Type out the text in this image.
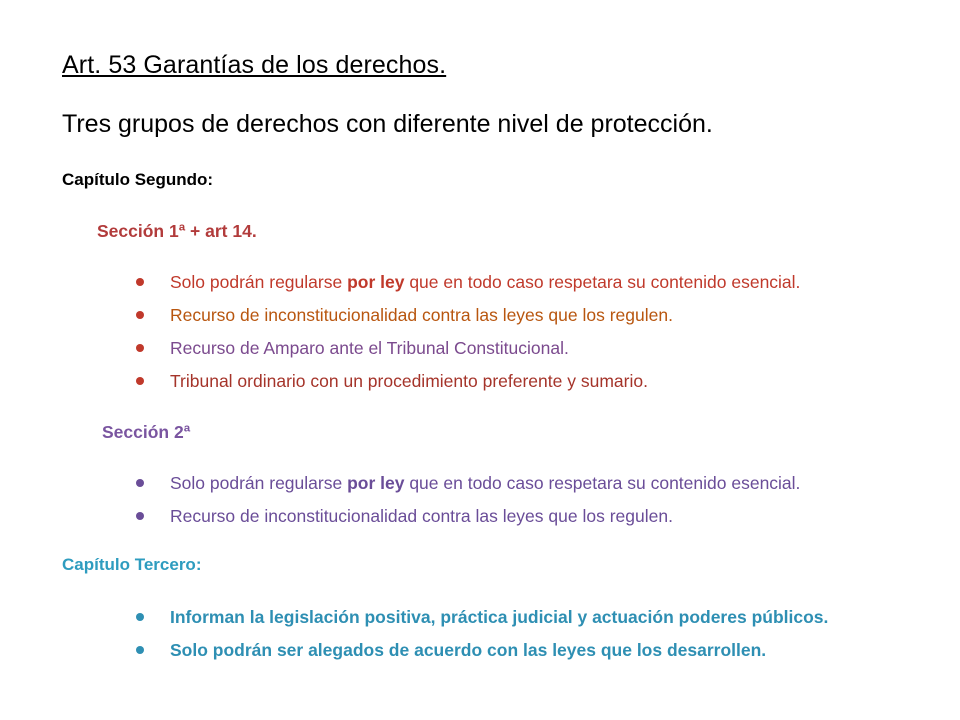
Art. 53 Garantías de los derechos.
Tres grupos de derechos con diferente nivel de protección.
Capítulo Segundo:
Sección 1ª + art 14.
Solo podrán regularse por ley que en todo caso respetara su contenido esencial.
Recurso de inconstitucionalidad contra las leyes que los regulen.
Recurso de Amparo ante el Tribunal Constitucional.
Tribunal ordinario con un procedimiento preferente y sumario.
Sección 2ª
Solo podrán regularse por ley que en todo caso respetara su contenido esencial.
Recurso de inconstitucionalidad contra las leyes que los regulen.
Capítulo Tercero:
Informan la legislación positiva, práctica judicial y actuación poderes públicos.
Solo podrán ser alegados de acuerdo con las leyes que los desarrollen.
